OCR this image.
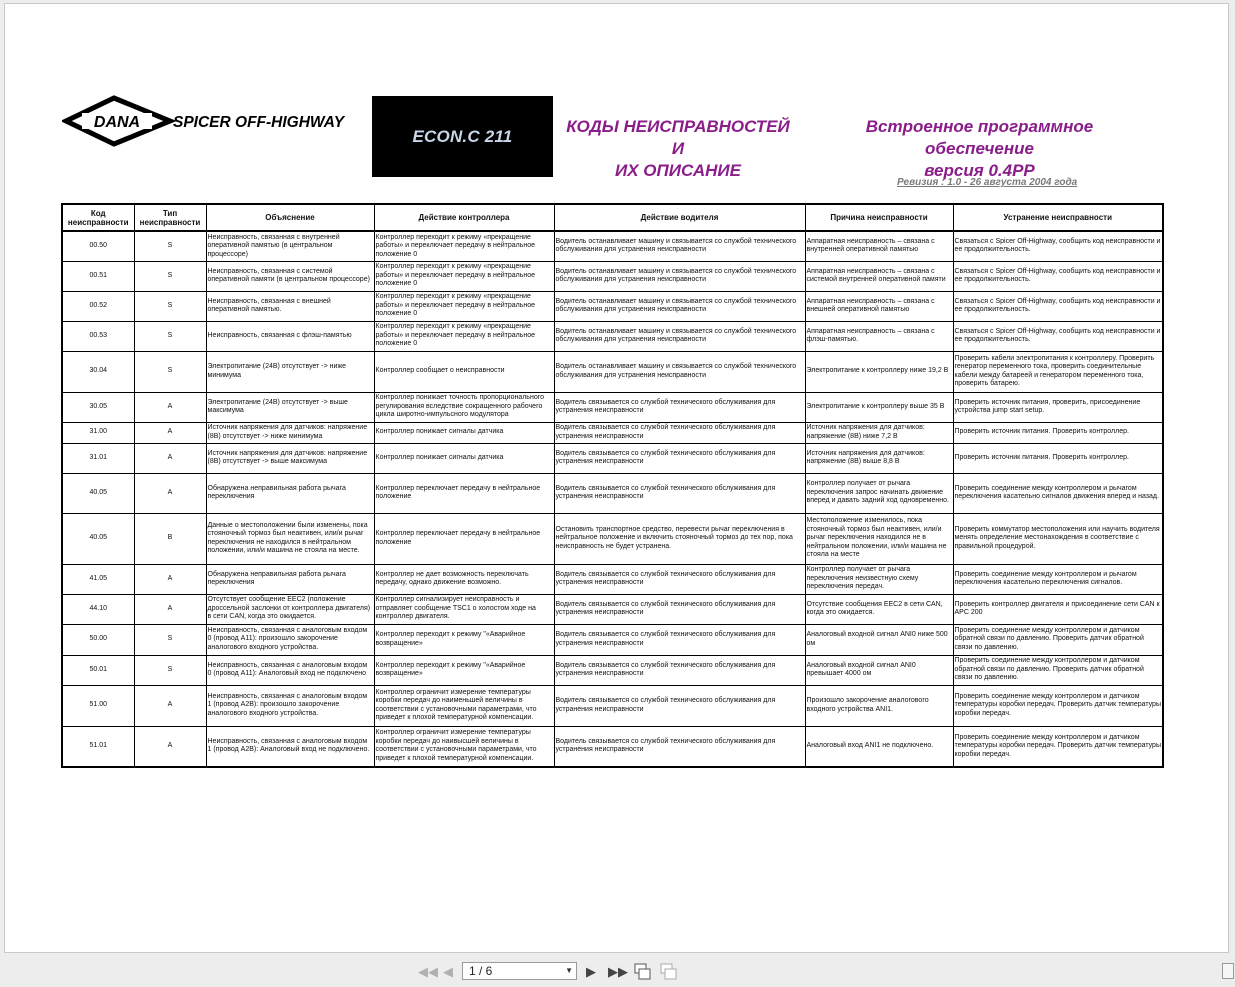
DANA SPICER OFF-HIGHWAY
ECON.C 211	КОДЫ НЕИСПРАВНОСТЕЙ И
ИХ ОПИСАНИЕ
Встроенное программное обеспечение
версия 0.4PP
Ревизия : 1.0 - 26 августа 2004 года
Код неисправности	Тип неисправности	Объяснение	Действие контроллера	Действие водителя	Причина неисправности	Устранение неисправности
00.50	S	Неисправность, связанная с внутренней оперативной памятью (в центральном процессоре)	Контроллер переходит к режиму «прекращение работы» и переключает передачу в нейтральное положение 0	Водитель останавливает машину и связывается со службой технического обслуживания для устранения неисправности	Аппаратная неисправность – связана с внутренней оперативной памятью	Связаться с Spicer Off-Highway, сообщить код неисправности и ее продолжительность.
00.51	S	Неисправность, связанная с системой оперативной памяти (в центральном процессоре)	Контроллер переходит к режиму «прекращение работы» и переключает передачу в нейтральное положение 0	Водитель останавливает машину и связывается со службой технического обслуживания для устранения неисправности	Аппаратная неисправность – связана с системой внутренней оперативной памяти	Связаться с Spicer Off-Highway, сообщить код неисправности и ее продолжительность.
00.52	S	Неисправность, связанная с внешней оперативной памятью.	Контроллер переходит к режиму «прекращение работы» и переключает передачу в нейтральное положение 0	Водитель останавливает машину и связывается со службой технического обслуживания для устранения неисправности	Аппаратная неисправность – связана с внешней оперативной памятью	Связаться с Spicer Off-Highway, сообщить код неисправности и ее продолжительность.
00.53	S	Неисправность, связанная с флэш-памятью	Контроллер переходит к режиму «прекращение работы» и переключает передачу в нейтральное положение 0	Водитель останавливает машину и связывается со службой технического обслуживания для устранения неисправности	Аппаратная неисправность – связана с флэш-памятью.	Связаться с Spicer Off-Highway, сообщить код неисправности и ее продолжительность.
30.04	S	Электропитание (24В) отсутствует -> ниже минимума	Контроллер сообщает о неисправности	Водитель останавливает машину и связывается со службой технического обслуживания для устранения неисправности	Электропитание к контроллеру ниже 19,2 В	Проверить кабели электропитания к контроллеру. Проверить генератор переменного тока, проверить соединительные кабели между батареей и генератором переменного тока, проверить батарею.
30.05	A	Электропитание (24В) отсутствует -> выше максимума	Контроллер понижает точность пропорционального регулирования вследствие сокращенного рабочего цикла широтно-импульсного модулятора	Водитель связывается со службой технического обслуживания для устранения неисправности	Электропитание к контроллеру выше 35 В	Проверить источник питания, проверить, присоединение устройства jump start setup.
31.00	A	Источник напряжения для датчиков: напряжение (8В) отсутствует -> ниже минимума	Контроллер понижает сигналы датчика	Водитель связывается со службой технического обслуживания для устранения неисправности	Источник напряжения для датчиков: напряжение (8В) ниже 7,2 В	Проверить источник питания. Проверить контроллер.
31.01	A	Источник напряжения для датчиков: напряжение (8В) отсутствует -> выше максимума	Контроллер понижает сигналы датчика	Водитель связывается со службой технического обслуживания для устранения неисправности	Источник напряжения для датчиков: напряжение (8В) выше 8,8 В	Проверить источник питания. Проверить контроллер.
40.05	A	Обнаружена неправильная работа рычага переключения	Контроллер переключает передачу в нейтральное положение	Водитель связывается со службой технического обслуживания для устранения неисправности	Контроллер получает от рычага переключения запрос начинать движение вперед и давать задний ход одновременно.	Проверить соединение между контроллером и рычагом переключения касательно сигналов движения вперед и назад.
40.05	B	Данные о местоположении были изменены, пока стояночный тормоз был неактивен, или/и рычаг переключения не находился в нейтральном положении, или/и машина не стояла на месте.	Контроллер переключает передачу в нейтральное положение	Остановить транспортное средство, перевести рычаг переключения в нейтральное положение и включить стояночный тормоз до тех пор, пока неисправность не будет устранена.	Местоположение изменилось, пока стояночный тормоз был неактивен, или/и рычаг переключения находился не в нейтральном положении, или/и машина не стояла на месте	Проверить коммутатор местоположения или научить водителя менять определение местонахождения в соответствие с правильной процедурой.
41.05	A	Обнаружена неправильная работа рычага переключения	Контроллер не дает возможность переключать передачу, однако движение возможно.	Водитель связывается со службой технического обслуживания для устранения неисправности	Контроллер получает от рычага переключения неизвестную схему переключения передач.	Проверить соединение между контроллером и рычагом переключения касательно переключения сигналов.
44.10	A	Отсутствует сообщение EEC2 (положение дроссельной заслонки от контроллера двигателя) в сети CAN, когда это ожидается.	Контроллер сигнализирует неисправность и отправляет сообщение TSC1 о холостом ходе на контроллер двигателя.	Водитель связывается со службой технического обслуживания для устранения неисправности	Отсутствие сообщения EEC2 в сети CAN, когда это ожидается.	Проверить контроллер двигателя и присоединение сети CAN к APC 200
50.00	S	Неисправность, связанная с аналоговым входом 0 (провод A11): произошло закорочение аналогового входного устройства.	Контроллер переходит к режиму "«Аварийное возвращение»	Водитель связывается со службой технического обслуживания для устранения неисправности	Аналоговый входной сигнал ANI0 ниже 500 ом	Проверить соединение между контроллером и датчиком обратной связи по давлению. Проверить датчик обратной связи по давлению.
50.01	S	Неисправность, связанная с аналоговым входом 0 (провод A11): Аналоговый вход не подключено	Контроллер переходит к режиму "«Аварийное возвращение»	Водитель связывается со службой технического обслуживания для устранения неисправности	Аналоговый входной сигнал ANI0 превышает 4000 ом	Проверить соединение между контроллером и датчиком обратной связи по давлению. Проверить датчик обратной связи по давлению.
51.00	A	Неисправность, связанная с аналоговым входом 1 (провод A2B): произошло закорочение аналогового входного устройства.	Контроллер ограничит измерение температуры коробки передач до наименьшей величины в соответствии с установочными параметрами, что приведет к плохой температурной компенсации.	Водитель связывается со службой технического обслуживания для устранения неисправности	Произошло закорочение аналогового входного устройства ANI1.	Проверить соединение между контроллером и датчиком температуры коробки передач. Проверить датчик температуры коробки передач.
51.01	A	Неисправность, связанная с аналоговым входом 1 (провод A2B): Аналоговый вход не подключено.	Контроллер ограничит измерение температуры коробки передач до наивысшей величины в соответствии с установочными параметрами, что приведет к плохой температурной компенсации.	Водитель связывается со службой технического обслуживания для устранения неисправности	Аналоговый вход ANI1 не подключено.	Проверить соединение между контроллером и датчиком температуры коробки передач. Проверить датчик температуры коробки передач.
◀◀ ◀	1 / 6	▼ ▶ ▶▶
